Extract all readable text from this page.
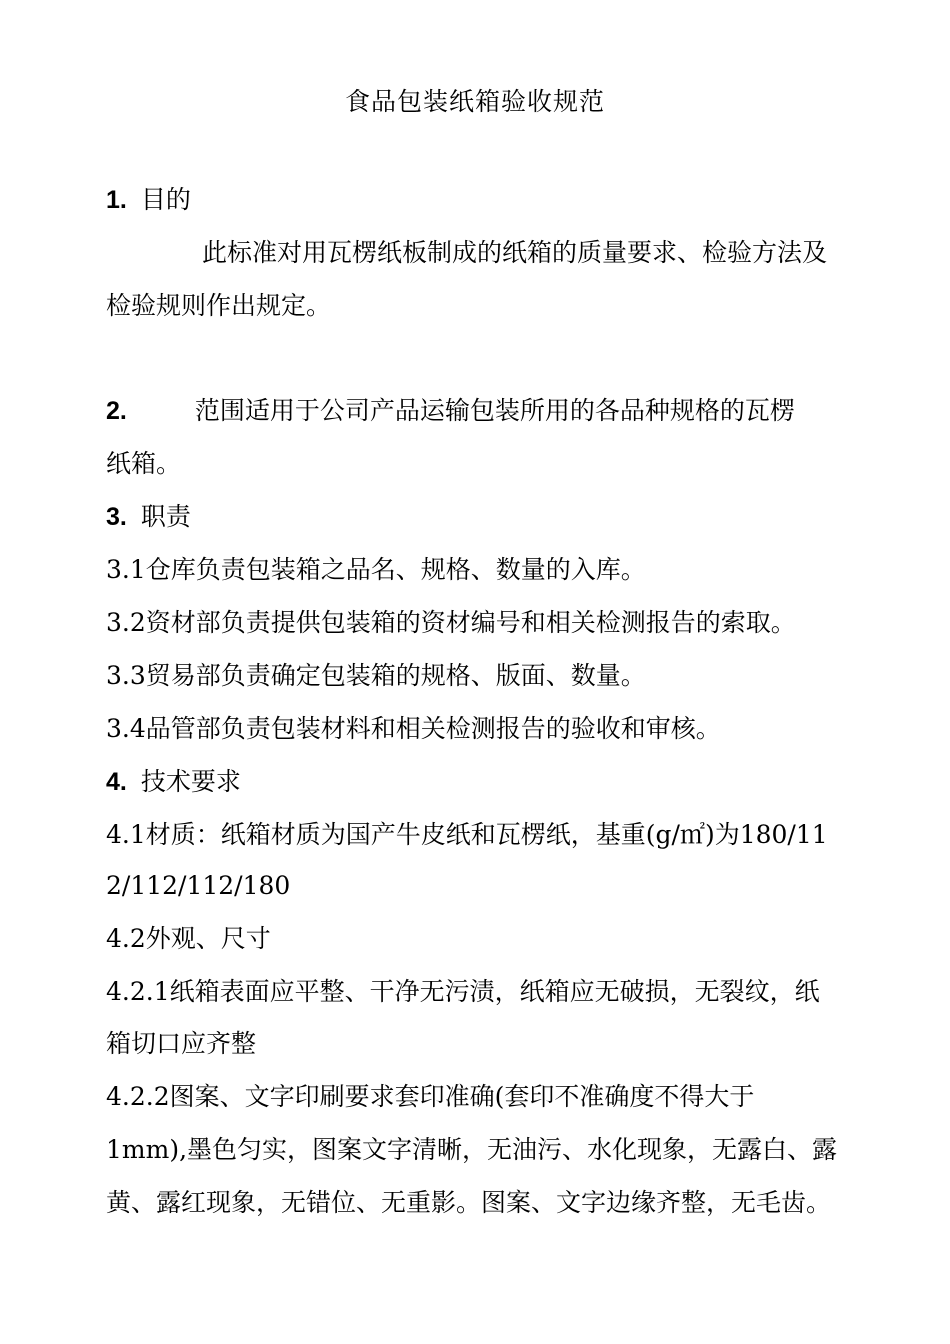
食品包装纸箱验收规范
1. 目的
此标准对用瓦楞纸板制成的纸箱的质量要求、检验方法及
检验规则作出规定。
2.	范围适用于公司产品运输包装所用的各品种规格的瓦楞
纸箱。
3. 职责
3.1仓库负责包装箱之品名、规格、数量的入库。
3.2资材部负责提供包装箱的资材编号和相关检测报告的索取。
3.3贸易部负责确定包装箱的规格、版面、数量。
3.4品管部负责包装材料和相关检测报告的验收和审核。
4. 技术要求
4.1材质：纸箱材质为国产牛皮纸和瓦楞纸，基重(g/㎡)为180/11
2/112/112/180
4.2外观、尺寸
4.2.1纸箱表面应平整、干净无污渍，纸箱应无破损，无裂纹，纸
箱切口应齐整
4.2.2图案、文字印刷要求套印准确(套印不准确度不得大于
1mm),墨色匀实，图案文字清晰，无油污、水化现象，无露白、露
黄、露红现象，无错位、无重影。图案、文字边缘齐整，无毛齿。
